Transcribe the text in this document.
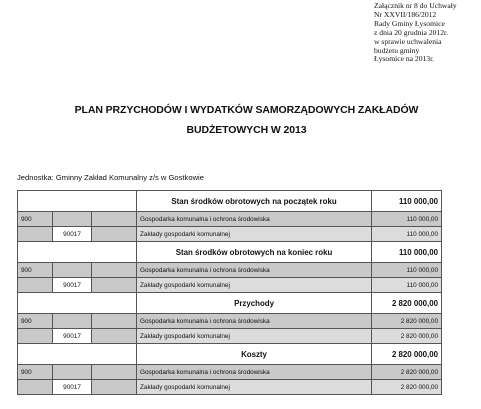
Załącznik nr 8 do Uchwały
Nr XXVII/186/2012
Rady Gminy Łysomice
z dnia 20 grudnia 2012r.
w sprawie uchwalenia
budżetu gminy
Łysomice na 2013r.
PLAN PRZYCHODÓW I WYDATKÓW SAMORZĄDOWYCH ZAKŁADÓW
BUDŻETOWYCH W 2013
Jednostka: Gminny Zakład Komunalny z/s w Gostkowie
			Stan środków obrotowych na początek roku	110 000,00
900			Gospodarka komunalna i ochrona środowiska	110 000,00
	90017		Zakłady gospodarki komunalnej	110 000,00
			Stan środków obrotowych na koniec roku	110 000,00
900			Gospodarka komunalna i ochrona środowiska	110 000,00
	90017		Zakłady gospodarki komunalnej	110 000,00
			Przychody	2 820 000,00
900			Gospodarka komunalna i ochrona środowiska	2 820 000,00
	90017		Zakłady gospodarki komunalnej	2 820 000,00
			Koszty	2 820 000,00
900			Gospodarka komunalna i ochrona środowiska	2 820 000,00
	90017		Zakłady gospodarki komunalnej	2 820 000,00
